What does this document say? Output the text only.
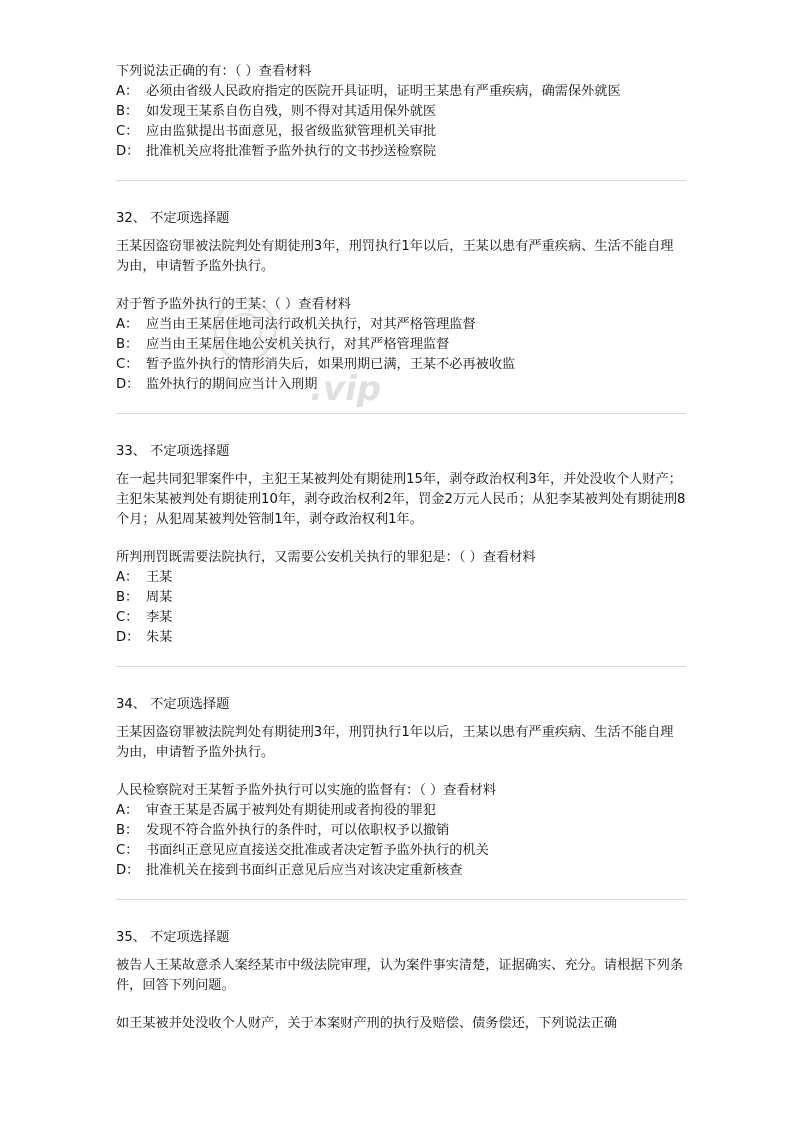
下列说法正确的有：（ ）查看材料
A： 必须由省级人民政府指定的医院开具证明，证明王某患有严重疾病，确需保外就医
B： 如发现王某系自伤自残，则不得对其适用保外就医
C： 应由监狱提出书面意见，报省级监狱管理机关审批
D： 批准机关应将批准暂予监外执行的文书抄送检察院
32、 不定项选择题
王某因盗窃罪被法院判处有期徒刑3年，刑罚执行1年以后，王某以患有严重疾病、生活不能自理为由，申请暂予监外执行。
对于暂予监外执行的王某：（ ）查看材料
A： 应当由王某居住地司法行政机关执行，对其严格管理监督
B： 应当由王某居住地公安机关执行，对其严格管理监督
C： 暂予监外执行的情形消失后，如果刑期已满，王某不必再被收监
D： 监外执行的期间应当计入刑期
33、 不定项选择题
在一起共同犯罪案件中，主犯王某被判处有期徒刑15年，剥夺政治权利3年，并处没收个人财产；主犯朱某被判处有期徒刑10年，剥夺政治权利2年，罚金2万元人民币；从犯李某被判处有期徒刑8个月；从犯周某被判处管制1年，剥夺政治权利1年。
所判刑罚既需要法院执行，又需要公安机关执行的罪犯是：（ ）查看材料
A： 王某
B： 周某
C： 李某
D： 朱某
34、 不定项选择题
王某因盗窃罪被法院判处有期徒刑3年，刑罚执行1年以后，王某以患有严重疾病、生活不能自理为由，申请暂予监外执行。
人民检察院对王某暂予监外执行可以实施的监督有：（ ）查看材料
A： 审查王某是否属于被判处有期徒刑或者拘役的罪犯
B： 发现不符合监外执行的条件时，可以依职权予以撤销
C： 书面纠正意见应直接送交批准或者决定暂予监外执行的机关
D： 批准机关在接到书面纠正意见后应当对该决定重新核查
35、 不定项选择题
被告人王某故意杀人案经某市中级法院审理，认为案件事实清楚，证据确实、充分。请根据下列条件，回答下列问题。
如王某被并处没收个人财产，关于本案财产刑的执行及赔偿、债务偿还，下列说法正确
.vip
